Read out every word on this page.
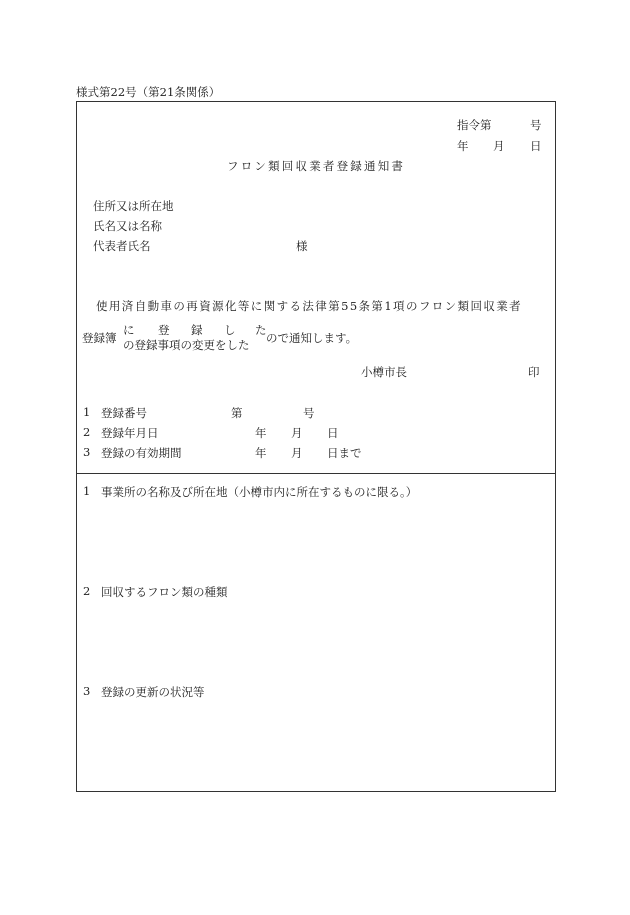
様式第22号（第21条関係）
指令第	号
年 月 日
フロン類回収業者登録通知書
住所又は所在地
氏名又は名称
代表者氏名	様
使用済自動車の再資源化等に関する法律第55条第1項のフロン類回収業者
登録簿
に 登 録 し た
の登録事項の変更をした ので通知します。
小樽市長	印
1 登録番号	第	号
2 登録年月日	年 月 日
3 登録の有効期間	年 月 日まで
1 事業所の名称及び所在地（小樽市内に所在するものに限る。）
2 回収するフロン類の種類
3 登録の更新の状況等
